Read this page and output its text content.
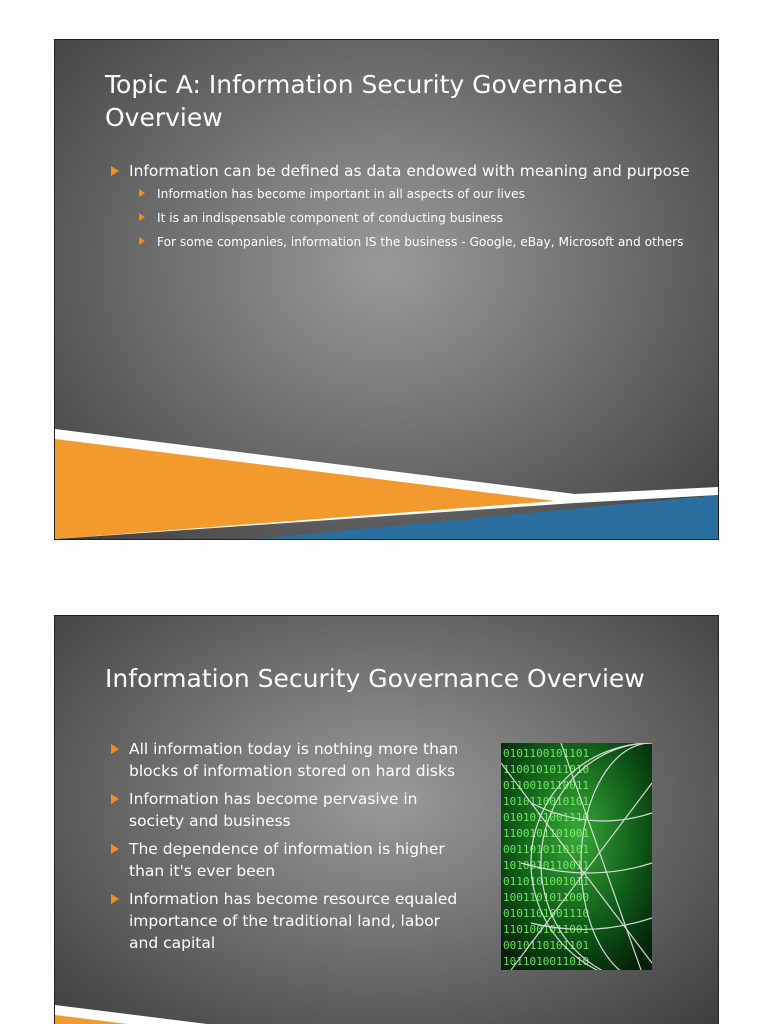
Topic A: Information Security Governance Overview
Information can be defined as data endowed with meaning and purpose
Information has become important in all aspects of our lives
It is an indispensable component of conducting business
For some companies, information IS the business - Google, eBay, Microsoft and others
Information Security Governance Overview
All information today is nothing more than blocks of information stored on hard disks
Information has become pervasive in society and business
The dependence of information is higher than it's ever been
Information has become resource equaled importance of the traditional land, labor and capital
0101100101101
1100101011010
0110010110011
1010110010101
0101011001110
1100101101001
0011010110101
1010010110011
0110101001011
1001101011000
0101101001110
1101001011001
0010110101101
1011010011010
